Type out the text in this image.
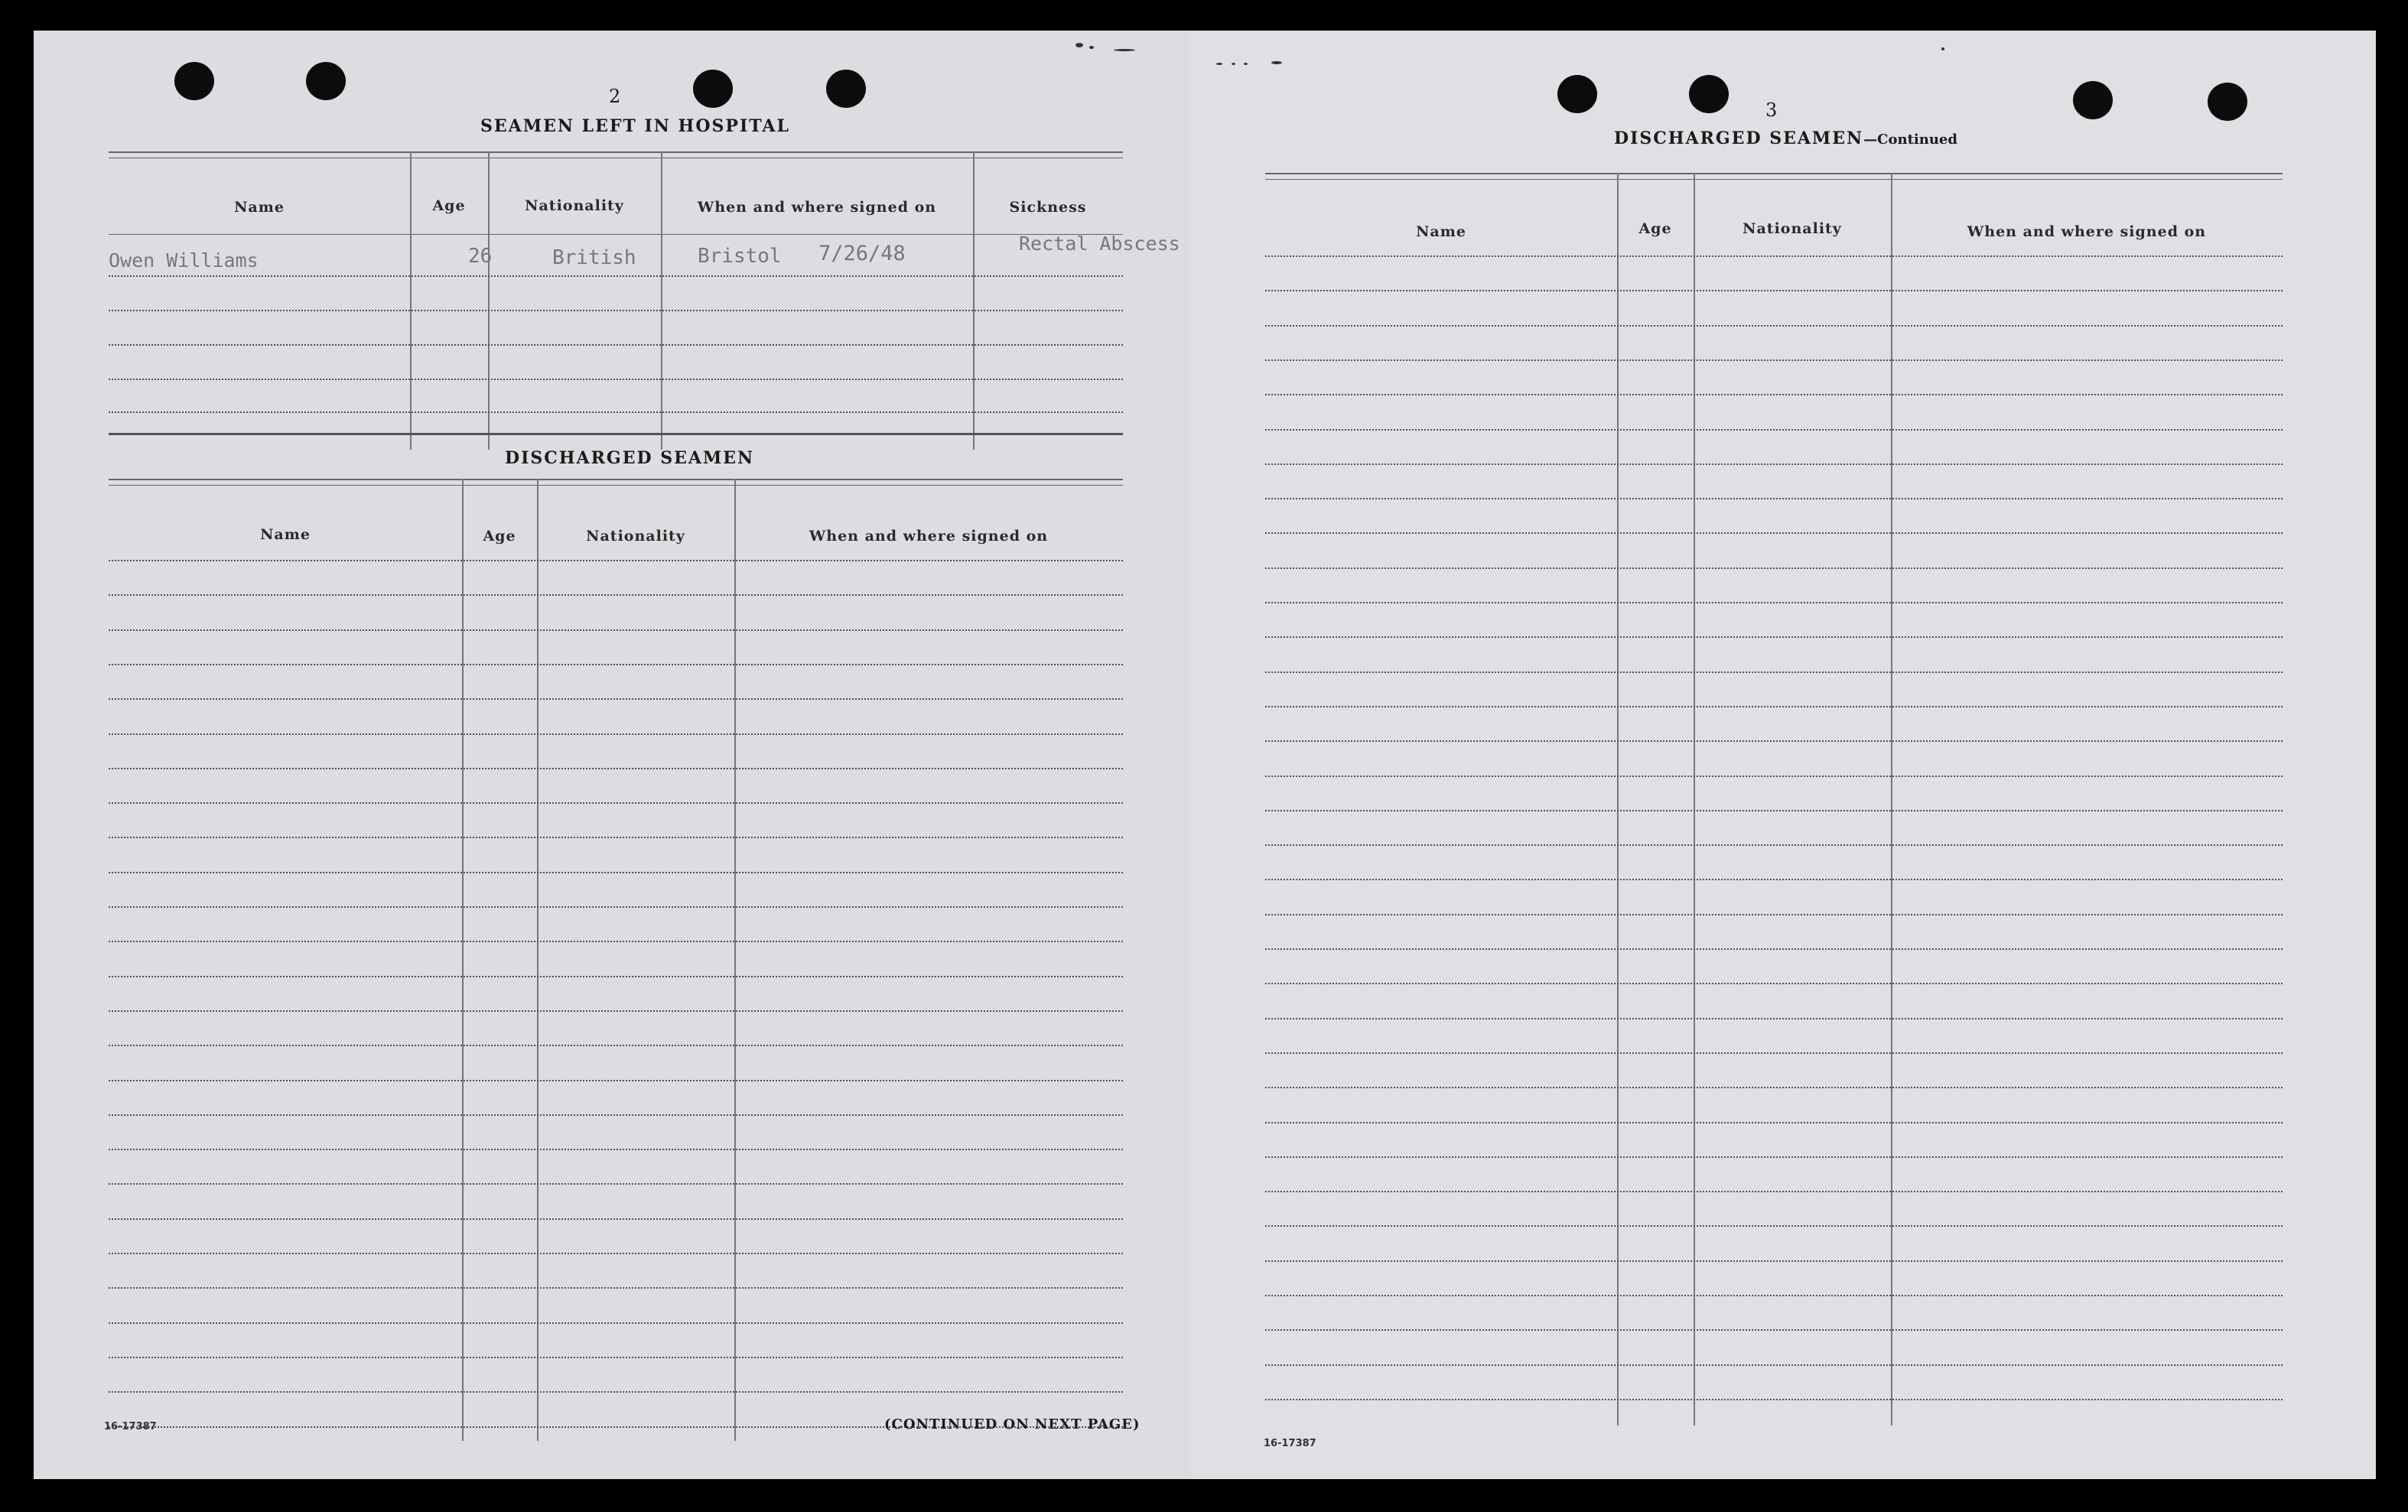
2
SEAMEN LEFT IN HOSPITAL
Name	Age	Nationality	When and where signed on	Sickness
Owen Williams	26	British	Bristol 7/26/48	Rectal Abscess
DISCHARGED SEAMEN
Name	Age	Nationality	When and where signed on
16-17387	(CONTINUED ON NEXT PAGE)
3
DISCHARGED SEAMEN—Continued
Name	Age	Nationality	When and where signed on
16-17387
